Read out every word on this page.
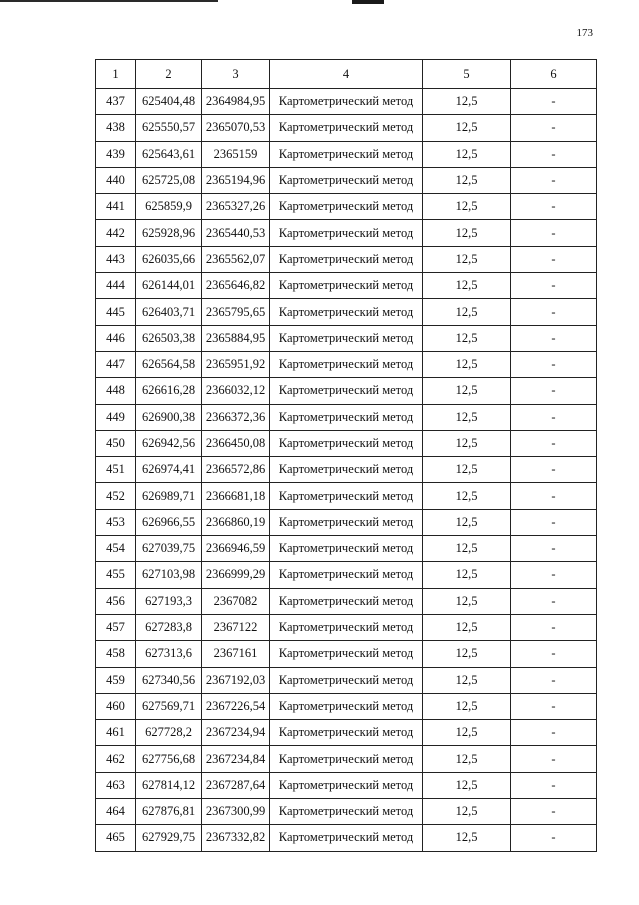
173
1	2	3	4	5	6
437	625404,48	2364984,95	Картометрический метод	12,5	-
438	625550,57	2365070,53	Картометрический метод	12,5	-
439	625643,61	2365159	Картометрический метод	12,5	-
440	625725,08	2365194,96	Картометрический метод	12,5	-
441	625859,9	2365327,26	Картометрический метод	12,5	-
442	625928,96	2365440,53	Картометрический метод	12,5	-
443	626035,66	2365562,07	Картометрический метод	12,5	-
444	626144,01	2365646,82	Картометрический метод	12,5	-
445	626403,71	2365795,65	Картометрический метод	12,5	-
446	626503,38	2365884,95	Картометрический метод	12,5	-
447	626564,58	2365951,92	Картометрический метод	12,5	-
448	626616,28	2366032,12	Картометрический метод	12,5	-
449	626900,38	2366372,36	Картометрический метод	12,5	-
450	626942,56	2366450,08	Картометрический метод	12,5	-
451	626974,41	2366572,86	Картометрический метод	12,5	-
452	626989,71	2366681,18	Картометрический метод	12,5	-
453	626966,55	2366860,19	Картометрический метод	12,5	-
454	627039,75	2366946,59	Картометрический метод	12,5	-
455	627103,98	2366999,29	Картометрический метод	12,5	-
456	627193,3	2367082	Картометрический метод	12,5	-
457	627283,8	2367122	Картометрический метод	12,5	-
458	627313,6	2367161	Картометрический метод	12,5	-
459	627340,56	2367192,03	Картометрический метод	12,5	-
460	627569,71	2367226,54	Картометрический метод	12,5	-
461	627728,2	2367234,94	Картометрический метод	12,5	-
462	627756,68	2367234,84	Картометрический метод	12,5	-
463	627814,12	2367287,64	Картометрический метод	12,5	-
464	627876,81	2367300,99	Картометрический метод	12,5	-
465	627929,75	2367332,82	Картометрический метод	12,5	-
